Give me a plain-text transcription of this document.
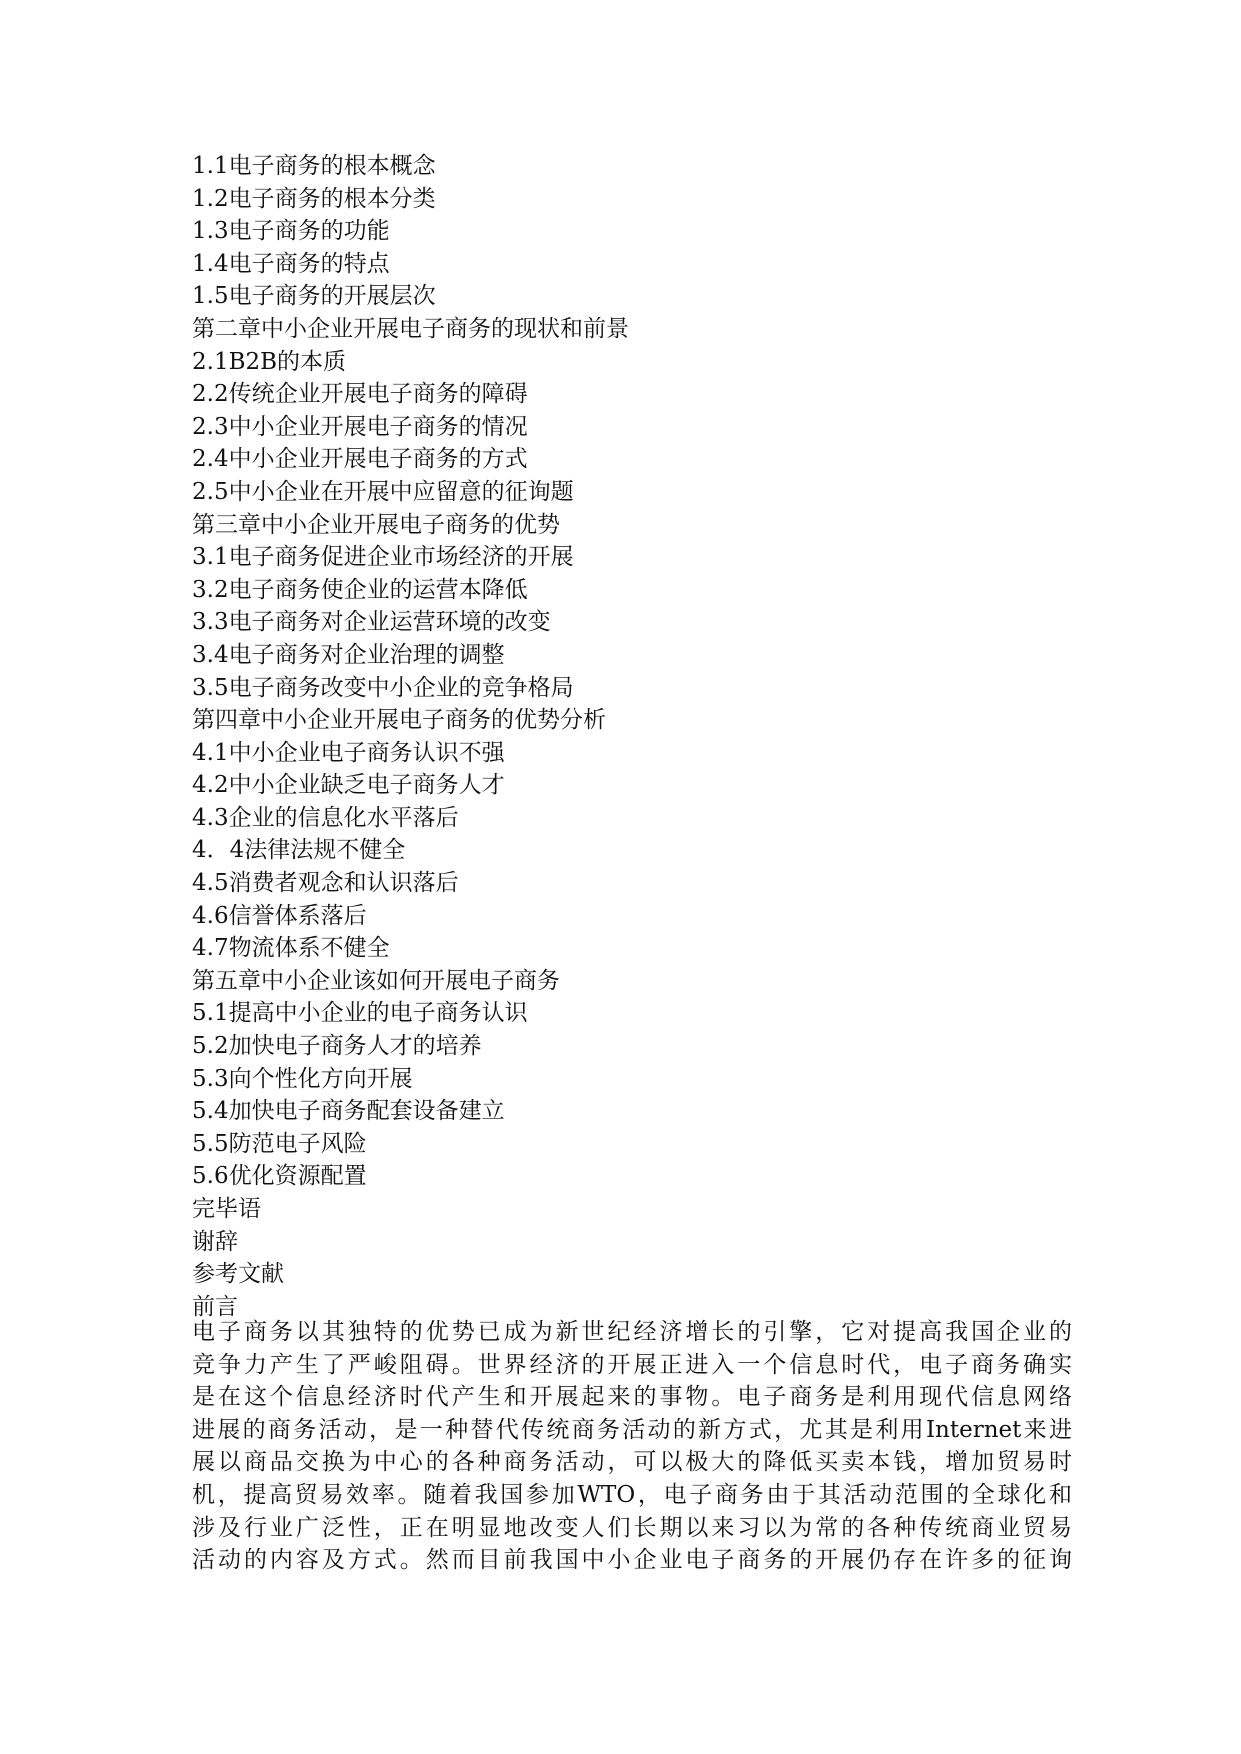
1.1电子商务的根本概念
1.2电子商务的根本分类
1.3电子商务的功能
1.4电子商务的特点
1.5电子商务的开展层次
第二章中小企业开展电子商务的现状和前景
2.1B2B的本质
2.2传统企业开展电子商务的障碍
2.3中小企业开展电子商务的情况
2.4中小企业开展电子商务的方式
2.5中小企业在开展中应留意的征询题
第三章中小企业开展电子商务的优势
3.1电子商务促进企业市场经济的开展
3.2电子商务使企业的运营本降低
3.3电子商务对企业运营环境的改变
3.4电子商务对企业治理的调整
3.5电子商务改变中小企业的竞争格局
第四章中小企业开展电子商务的优势分析
4.1中小企业电子商务认识不强
4.2中小企业缺乏电子商务人才
4.3企业的信息化水平落后
4．4法律法规不健全
4.5消费者观念和认识落后
4.6信誉体系落后
4.7物流体系不健全
第五章中小企业该如何开展电子商务
5.1提高中小企业的电子商务认识
5.2加快电子商务人才的培养
5.3向个性化方向开展
5.4加快电子商务配套设备建立
5.5防范电子风险
5.6优化资源配置
完毕语
谢辞
参考文献
前言
电子商务以其独特的优势已成为新世纪经济增长的引擎，它对提高我国企业的
竞争力产生了严峻阻碍。世界经济的开展正进入一个信息时代，电子商务确实
是在这个信息经济时代产生和开展起来的事物。电子商务是利用现代信息网络
进展的商务活动，是一种替代传统商务活动的新方式，尤其是利用Internet来进
展以商品交换为中心的各种商务活动，可以极大的降低买卖本钱，增加贸易时
机，提高贸易效率。随着我国参加WTO，电子商务由于其活动范围的全球化和
涉及行业广泛性，正在明显地改变人们长期以来习以为常的各种传统商业贸易
活动的内容及方式。然而目前我国中小企业电子商务的开展仍存在许多的征询
